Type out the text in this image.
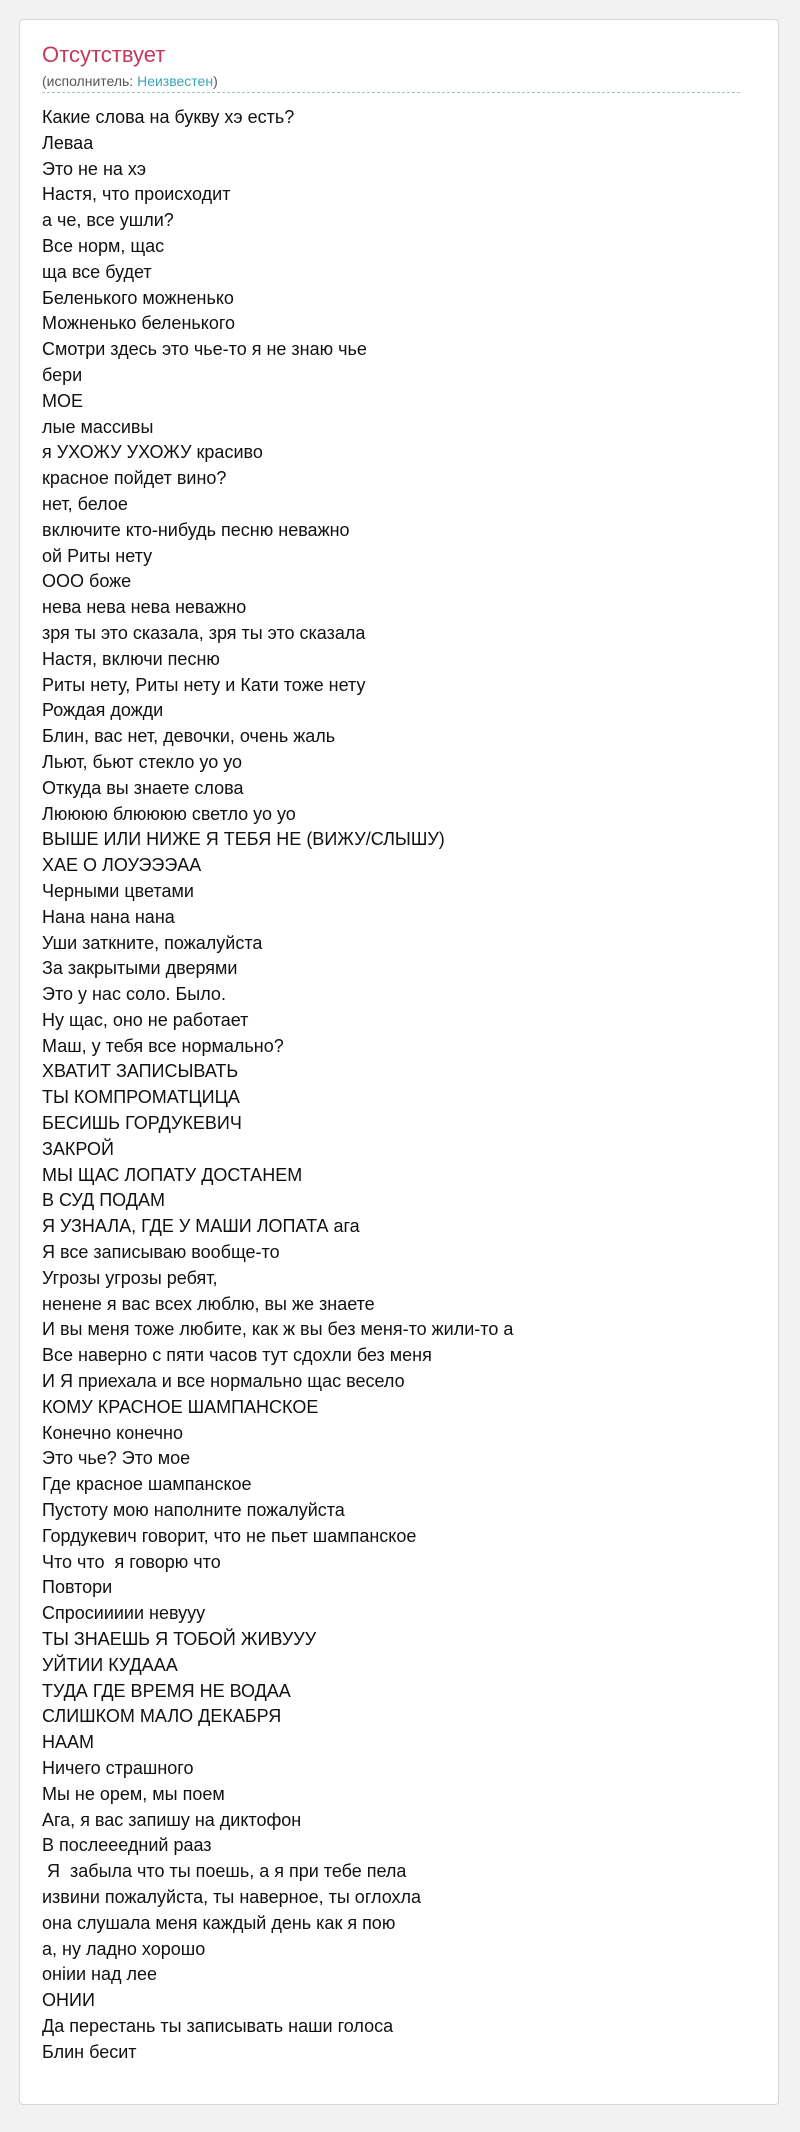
Отсутствует
(исполнитель: Неизвестен)
Какие слова на букву хэ есть?
Леваа
Это не на хэ
Настя, что происходит
а че, все ушли?
Все норм, щас
ща все будет
Беленького можненько
Можненько беленького
Смотри здесь это чье-то я не знаю чье
бери
МОЕ
лые массивы
я УХОЖУ УХОЖУ красиво
красное пойдет вино?
нет, белое
включите кто-нибудь песню неважно
ой Риты нету
ООО боже
нева нева нева неважно
зря ты это сказала, зря ты это сказала
Настя, включи песню
Риты нету, Риты нету и Кати тоже нету
Рождая дожди
Блин, вас нет, девочки, очень жаль
Льют, бьют стекло уо уо
Откуда вы знаете слова
Люююю блюююю светло уо уо
ВЫШЕ ИЛИ НИЖЕ Я ТЕБЯ НЕ (ВИЖУ/СЛЫШУ)
ХАЕ О ЛОУЭЭЭАА
Черными цветами
Нана нана нана
Уши заткните, пожалуйста
За закрытыми дверями
Это у нас соло. Было.
Ну щас, оно не работает
Маш, у тебя все нормально?
ХВАТИТ ЗАПИСЫВАТЬ
ТЫ КОМПРОМАТЦИЦА
БЕСИШЬ ГОРДУКЕВИЧ
ЗАКРОЙ
МЫ ЩАС ЛОПАТУ ДОСТАНЕМ
В СУД ПОДАМ
Я УЗНАЛА, ГДЕ У МАШИ ЛОПАТА ага
Я все записываю вообще-то
Угрозы угрозы ребят,
ненене я вас всех люблю, вы же знаете
И вы меня тоже любите, как ж вы без меня-то жили-то а
Все наверно с пяти часов тут сдохли без меня
И Я приехала и все нормально щас весело
КОМУ КРАСНОЕ ШАМПАНСКОЕ
Конечно конечно
Это чье? Это мое
Где красное шампанское
Пустоту мою наполните пожалуйста
Гордукевич говорит, что не пьет шампанское
Что что  я говорю что
Повтори
Спросиииии невууу
ТЫ ЗНАЕШЬ Я ТОБОЙ ЖИВУУУ
УЙТИИ КУДААА
ТУДА ГДЕ ВРЕМЯ НЕ ВОДАА
СЛИШКОМ МАЛО ДЕКАБРЯ
НААМ
Ничего страшного
Мы не орем, мы поем
Ага, я вас запишу на диктофон
В послееедний рааз
Я  забыла что ты поешь, а я при тебе пела
извини пожалуйста, ты наверное, ты оглохла
она слушала меня каждый день как я пою
а, ну ладно хорошо
онiии над лее
ОНИИ
Да перестань ты записывать наши голоса
Блин бесит
